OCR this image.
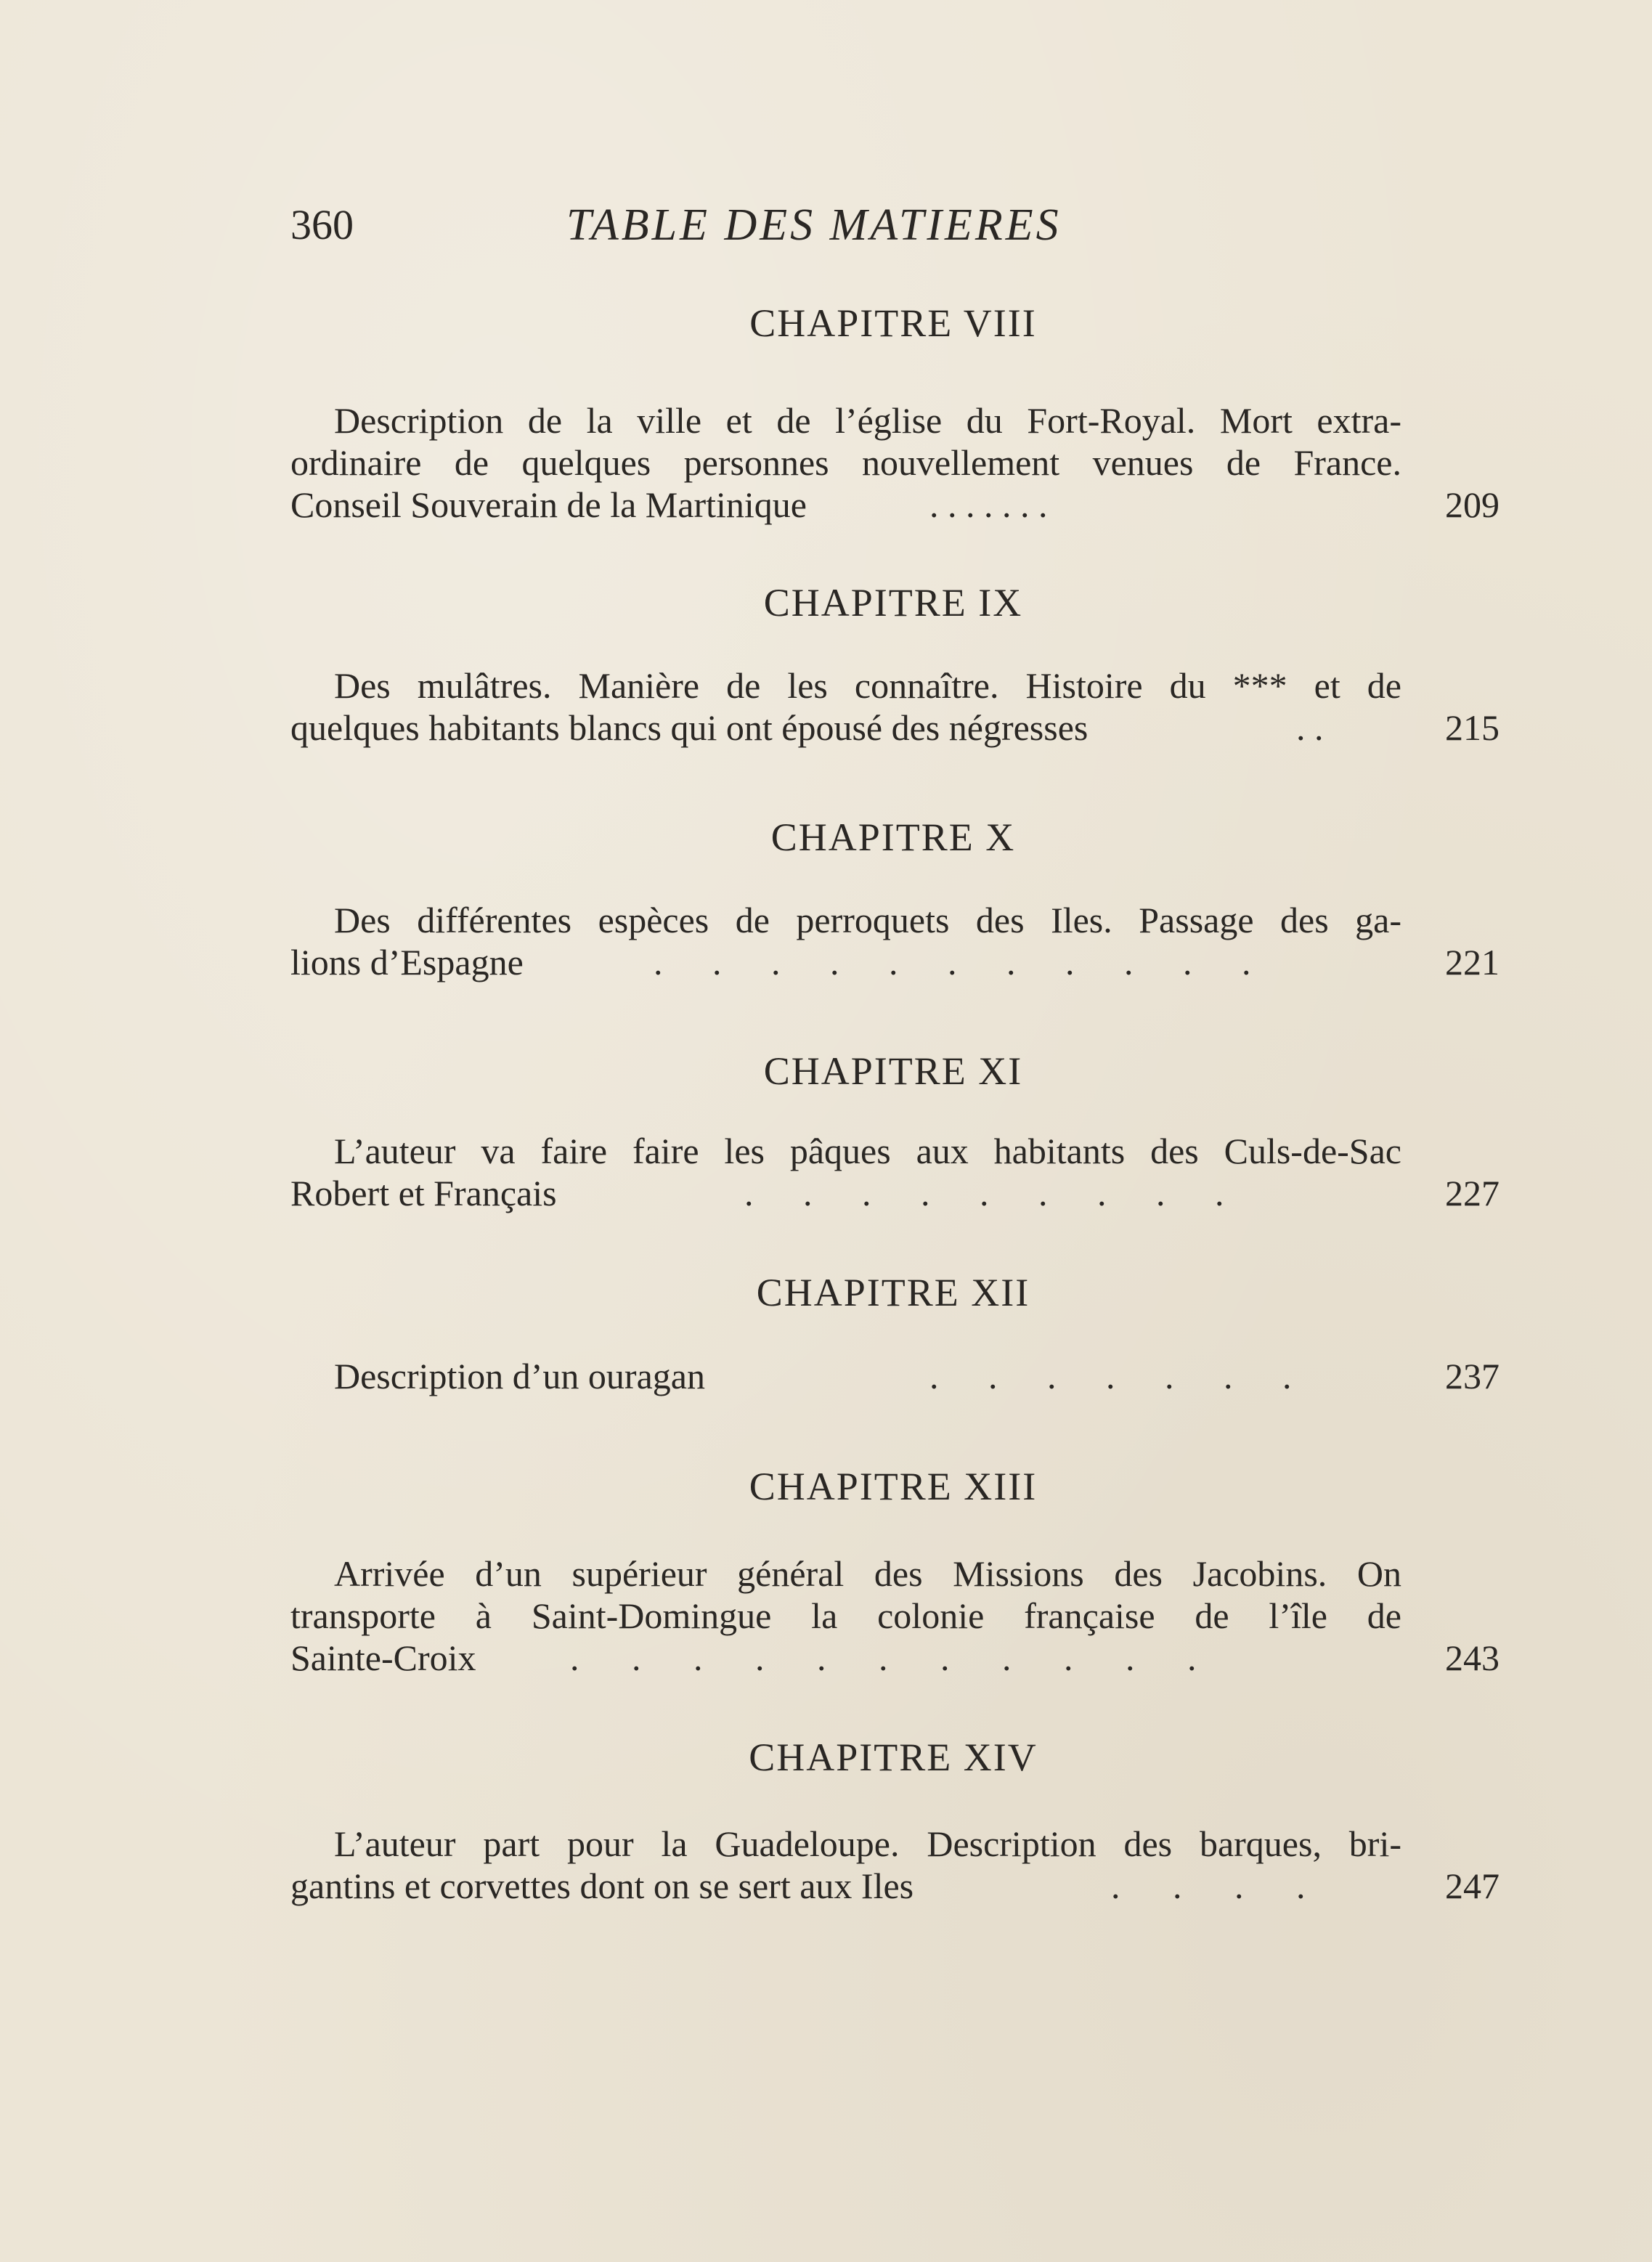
360	TABLE DES MATIERES
CHAPITRE VIII
Description de la ville et de l’église du Fort-Royal. Mort extra-
ordinaire de quelques personnes nouvellement venues de France.
Conseil Souverain de la Martinique	. . . . . . .	209
CHAPITRE IX
Des mulâtres. Manière de les connaître. Histoire du *** et de
quelques habitants blancs qui ont épousé des négresses	. .	215
CHAPITRE X
Des différentes espèces de perroquets des Iles. Passage des ga-
lions d’Espagne	. . . . . . . . . . .	221
CHAPITRE XI
L’auteur va faire faire les pâques aux habitants des Culs-de-Sac
Robert et Français	. . . . . . . . .	227
CHAPITRE XII
Description d’un ouragan	. . . . . . .	237
CHAPITRE XIII
Arrivée d’un supérieur général des Missions des Jacobins. On
transporte à Saint-Domingue la colonie française de l’île de
Sainte-Croix	. . . . . . . . . . .	243
CHAPITRE XIV
L’auteur part pour la Guadeloupe. Description des barques, bri-
gantins et corvettes dont on se sert aux Iles	. . . .	247
